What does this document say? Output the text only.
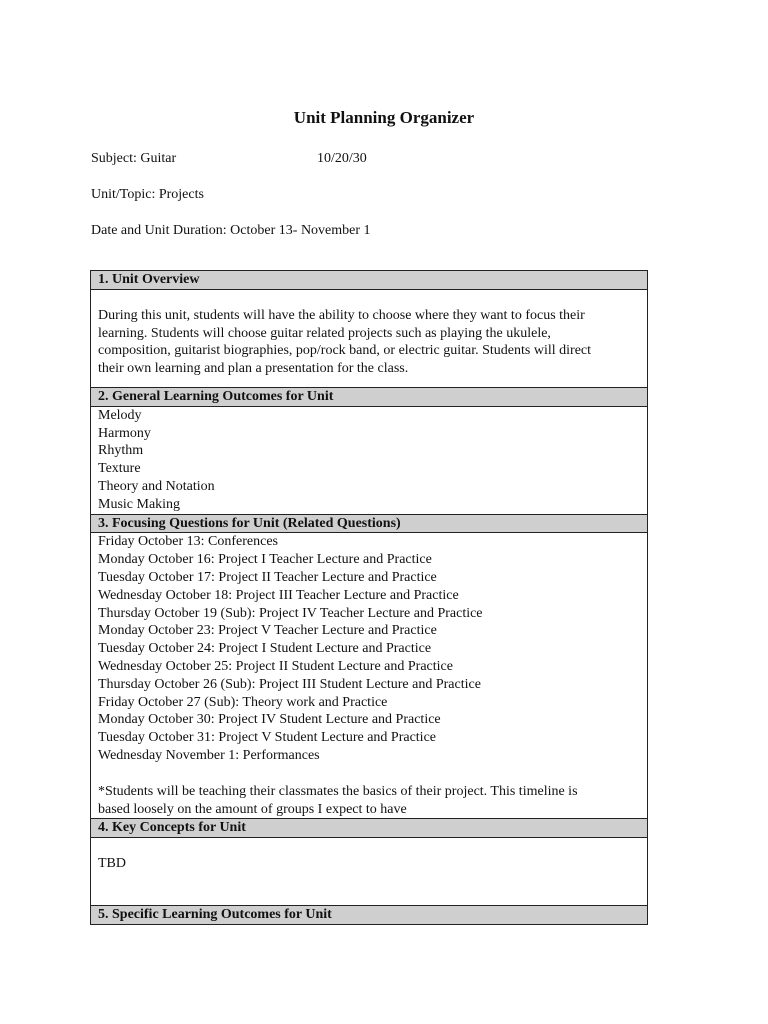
Unit Planning Organizer
Subject: Guitar	10/20/30
Unit/Topic: Projects
Date and Unit Duration: October 13- November 1
1. Unit Overview

During this unit, students will have the ability to choose where they want to focus their
learning. Students will choose guitar related projects such as playing the ukulele,
composition, guitarist biographies, pop/rock band, or electric guitar. Students will direct
their own learning and plan a presentation for the class.

2. General Learning Outcomes for Unit

Melody
Harmony
Rhythm
Texture
Theory and Notation
Music Making

3. Focusing Questions for Unit (Related Questions)

Friday October 13: Conferences
Monday October 16: Project I Teacher Lecture and Practice
Tuesday October 17: Project II Teacher Lecture and Practice
Wednesday October 18: Project III Teacher Lecture and Practice
Thursday October 19 (Sub): Project IV Teacher Lecture and Practice
Monday October 23: Project V Teacher Lecture and Practice
Tuesday October 24: Project I Student Lecture and Practice
Wednesday October 25: Project II Student Lecture and Practice
Thursday October 26 (Sub): Project III Student Lecture and Practice
Friday October 27 (Sub): Theory work and Practice
Monday October 30: Project IV Student Lecture and Practice
Tuesday October 31: Project V Student Lecture and Practice
Wednesday November 1: Performances
*Students will be teaching their classmates the basics of their project. This timeline is
based loosely on the amount of groups I expect to have

4. Key Concepts for Unit
TBD
5. Specific Learning Outcomes for Unit
